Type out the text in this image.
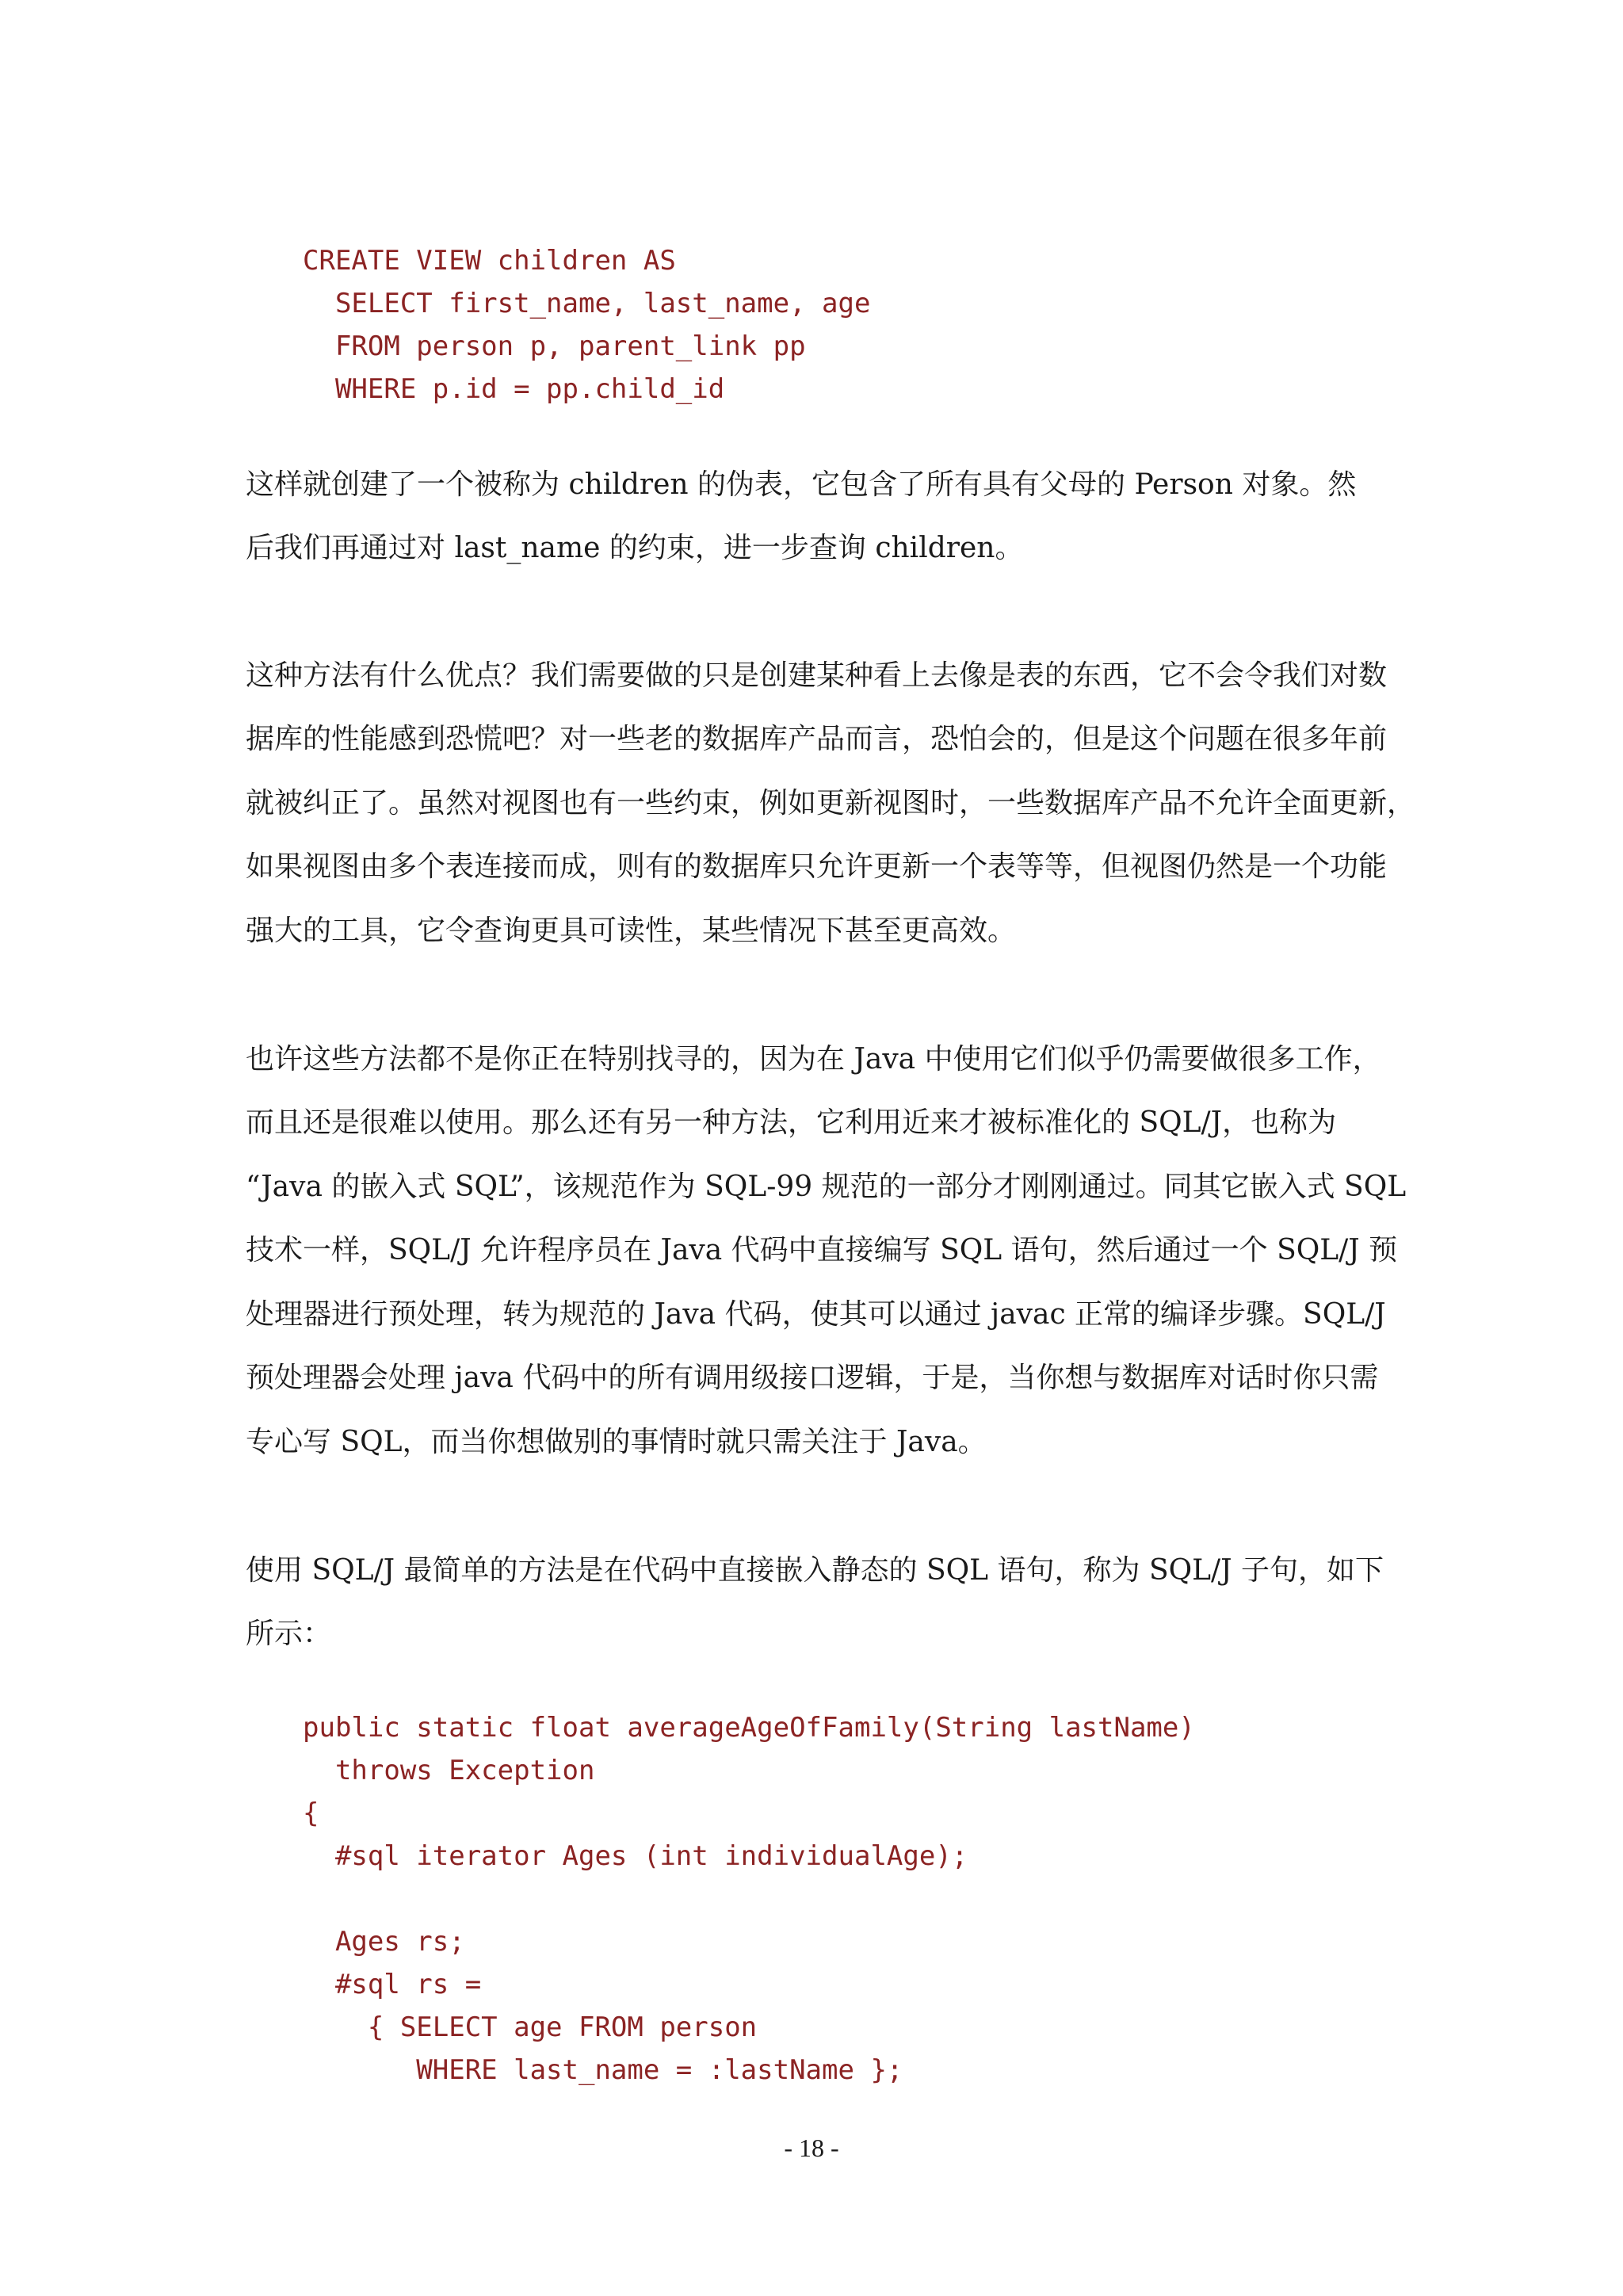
CREATE VIEW children AS
SELECT first_name, last_name, age
FROM person p, parent_link pp
WHERE p.id = pp.child_id

这样就创建了一个被称为 children 的伪表，它包含了所有具有父母的 Person 对象。然

后我们再通过对 last_name 的约束，进一步查询 children。

这种方法有什么优点？我们需要做的只是创建某种看上去像是表的东西，它不会令我们对数

据库的性能感到恐慌吧？对一些老的数据库产品而言，恐怕会的，但是这个问题在很多年前

就被纠正了。虽然对视图也有一些约束，例如更新视图时，一些数据库产品不允许全面更新，

如果视图由多个表连接而成，则有的数据库只允许更新一个表等等，但视图仍然是一个功能

强大的工具，它令查询更具可读性，某些情况下甚至更高效。

也许这些方法都不是你正在特别找寻的，因为在 Java 中使用它们似乎仍需要做很多工作，

而且还是很难以使用。那么还有另一种方法，它利用近来才被标准化的 SQL/J，也称为

“Java 的嵌入式 SQL”，该规范作为 SQL-99 规范的一部分才刚刚通过。同其它嵌入式 SQL

技术一样，SQL/J 允许程序员在 Java 代码中直接编写 SQL 语句，然后通过一个 SQL/J 预

处理器进行预处理，转为规范的 Java 代码，使其可以通过 javac 正常的编译步骤。SQL/J

预处理器会处理 java 代码中的所有调用级接口逻辑，于是，当你想与数据库对话时你只需

专心写 SQL，而当你想做别的事情时就只需关注于 Java。

使用 SQL/J 最简单的方法是在代码中直接嵌入静态的 SQL 语句，称为 SQL/J 子句，如下

所示：

public static float averageAgeOfFamily(String lastName)
throws Exception
{
#sql iterator Ages (int individualAge);
Ages rs;
#sql rs =
{ SELECT age FROM person
WHERE last_name = :lastName };
- 18 -
